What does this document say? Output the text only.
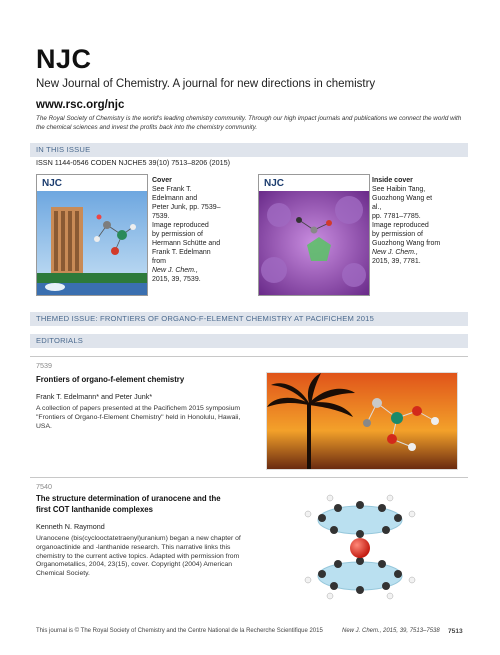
NJC
New Journal of Chemistry. A journal for new directions in chemistry
www.rsc.org/njc
The Royal Society of Chemistry is the world's leading chemistry community. Through our high impact journals and publications we connect the world with the chemical sciences and invest the profits back into the chemistry community.
IN THIS ISSUE
ISSN 1144-0546 CODEN NJCHE5 39(10) 7513–8206 (2015)
NJC	Cover
See Frank T. Edelmann and
Peter Junk, pp. 7539–7539.
Image reproduced
by permission of
Hermann Schütte and
Frank T. Edelmann from
New J. Chem.,
2015, 39, 7539.
NJC	Inside cover
See Haibin Tang,
Guozhong Wang et al.,
pp. 7781–7785.
Image reproduced
by permission of
Guozhong Wang from
New J. Chem.,
2015, 39, 7781.
THEMED ISSUE: FRONTIERS OF ORGANO-F-ELEMENT CHEMISTRY AT PACIFICHEM 2015
EDITORIALS
7539
Frontiers of organo-f-element chemistry
Frank T. Edelmann* and Peter Junk*
A collection of papers presented at the Pacifichem 2015 symposium "Frontiers of Organo-f-Element Chemistry" held in Honolulu, Hawaii, USA.
7540
The structure determination of uranocene and the
first COT lanthanide complexes
Kenneth N. Raymond
Uranocene (bis(cyclooctatetraenyl)uranium) began a new chapter of organoactinide and -lanthanide research. This narrative links this chemistry to the current active topics. Adapted with permission from Organometallics, 2004, 23(15), cover. Copyright (2004) American Chemical Society.
This journal is © The Royal Society of Chemistry and the Centre National de la Recherche Scientifique 2015	New J. Chem., 2015, 39, 7513–7538 7513
